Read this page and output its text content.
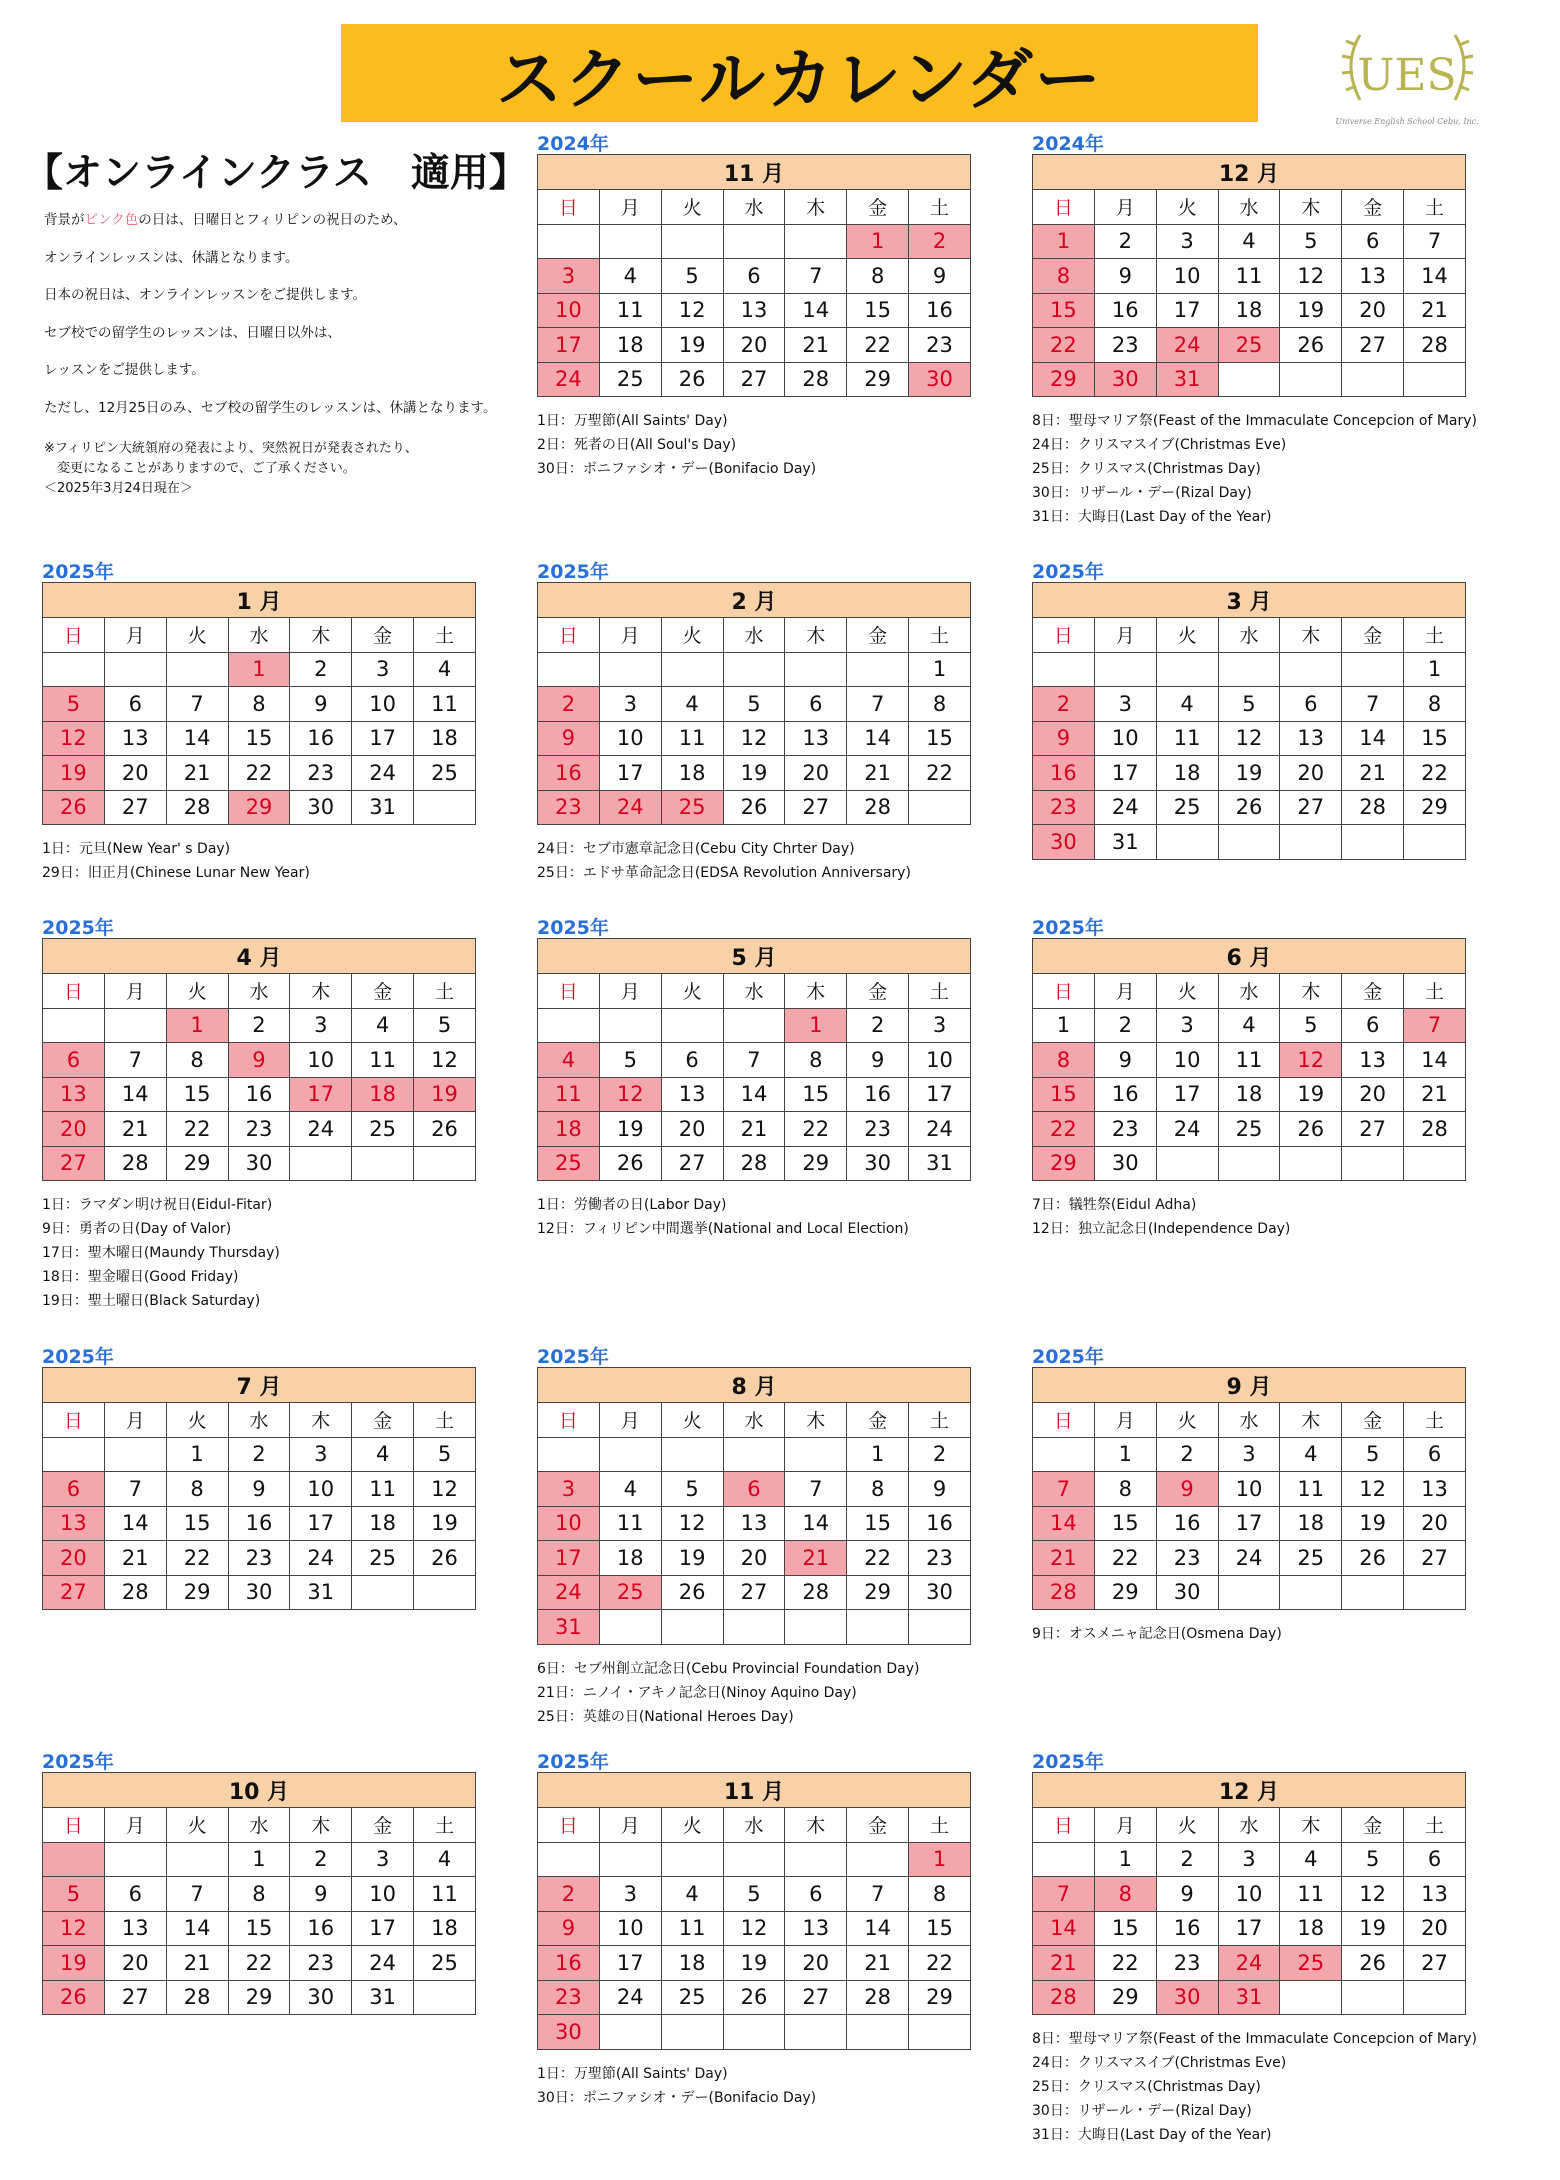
スクールカレンダー	UES
Universe English School Cebu, Inc.
【オンラインクラス　適用】

背景がピンク色の日は、日曜日とフィリピンの祝日のため、

オンラインレッスンは、休講となります。

日本の祝日は、オンラインレッスンをご提供します。

セブ校での留学生のレッスンは、日曜日以外は、

レッスンをご提供します。

ただし、12月25日のみ、セブ校の留学生のレッスンは、休講となります。

※フィリピン大統領府の発表により、突然祝日が発表されたり、
　変更になることがありますので、ご了承ください。
＜2025年3月24日現在＞
2024年
11 月						
日	月	火	水	木	金	土
					1	2
3	4	5	6	7	8	9
10	11	12	13	14	15	16
17	18	19	20	21	22	23
24	25	26	27	28	29	30
1日：万聖節(All Saints' Day)
2日：死者の日(All Soul's Day)
30日：ボニファシオ・デー(Bonifacio Day)
2024年
12 月						
日	月	火	水	木	金	土
1	2	3	4	5	6	7
8	9	10	11	12	13	14
15	16	17	18	19	20	21
22	23	24	25	26	27	28
29	30	31				
8日：聖母マリア祭(Feast of the Immaculate Concepcion of Mary)
24日：クリスマスイブ(Christmas Eve)
25日：クリスマス(Christmas Day)
30日：リザール・デー(Rizal Day)
31日：大晦日(Last Day of the Year)
2025年
1 月						
日	月	火	水	木	金	土
			1	2	3	4
5	6	7	8	9	10	11
12	13	14	15	16	17	18
19	20	21	22	23	24	25
26	27	28	29	30	31	
1日：元旦(New Year' s Day)
29日：旧正月(Chinese Lunar New Year)
2025年
2 月						
日	月	火	水	木	金	土
						1
2	3	4	5	6	7	8
9	10	11	12	13	14	15
16	17	18	19	20	21	22
23	24	25	26	27	28	
24日：セブ市憲章記念日(Cebu City Chrter Day)
25日：エドサ革命記念日(EDSA Revolution Anniversary)
2025年
3 月						
日	月	火	水	木	金	土
						1
2	3	4	5	6	7	8
9	10	11	12	13	14	15
16	17	18	19	20	21	22
23	24	25	26	27	28	29
30	31					
2025年
4 月						
日	月	火	水	木	金	土
		1	2	3	4	5
6	7	8	9	10	11	12
13	14	15	16	17	18	19
20	21	22	23	24	25	26
27	28	29	30			
1日：ラマダン明け祝日(Eidul-Fitar)
9日：勇者の日(Day of Valor)
17日：聖木曜日(Maundy Thursday)
18日：聖金曜日(Good Friday)
19日：聖土曜日(Black Saturday)
2025年
5 月						
日	月	火	水	木	金	土
				1	2	3
4	5	6	7	8	9	10
11	12	13	14	15	16	17
18	19	20	21	22	23	24
25	26	27	28	29	30	31
1日：労働者の日(Labor Day)
12日：フィリピン中間選挙(National and Local Election)
2025年
6 月						
日	月	火	水	木	金	土
1	2	3	4	5	6	7
8	9	10	11	12	13	14
15	16	17	18	19	20	21
22	23	24	25	26	27	28
29	30					
7日：犠牲祭(Eidul Adha)
12日：独立記念日(Independence Day)
2025年
7 月						
日	月	火	水	木	金	土
		1	2	3	4	5
6	7	8	9	10	11	12
13	14	15	16	17	18	19
20	21	22	23	24	25	26
27	28	29	30	31		
2025年
8 月						
日	月	火	水	木	金	土
					1	2
3	4	5	6	7	8	9
10	11	12	13	14	15	16
17	18	19	20	21	22	23
24	25	26	27	28	29	30
31						
6日：セブ州創立記念日(Cebu Provincial Foundation Day)
21日：ニノイ・アキノ記念日(Ninoy Aquino Day)
25日：英雄の日(National Heroes Day)
2025年
9 月						
日	月	火	水	木	金	土
	1	2	3	4	5	6
7	8	9	10	11	12	13
14	15	16	17	18	19	20
21	22	23	24	25	26	27
28	29	30				
9日：オスメニャ記念日(Osmena Day)
2025年
10 月						
日	月	火	水	木	金	土
			1	2	3	4
5	6	7	8	9	10	11
12	13	14	15	16	17	18
19	20	21	22	23	24	25
26	27	28	29	30	31	
2025年
11 月						
日	月	火	水	木	金	土
						1
2	3	4	5	6	7	8
9	10	11	12	13	14	15
16	17	18	19	20	21	22
23	24	25	26	27	28	29
30						
1日：万聖節(All Saints' Day)
30日：ボニファシオ・デー(Bonifacio Day)
2025年
12 月						
日	月	火	水	木	金	土
	1	2	3	4	5	6
7	8	9	10	11	12	13
14	15	16	17	18	19	20
21	22	23	24	25	26	27
28	29	30	31			
8日：聖母マリア祭(Feast of the Immaculate Concepcion of Mary)
24日：クリスマスイブ(Christmas Eve)
25日：クリスマス(Christmas Day)
30日：リザール・デー(Rizal Day)
31日：大晦日(Last Day of the Year)
